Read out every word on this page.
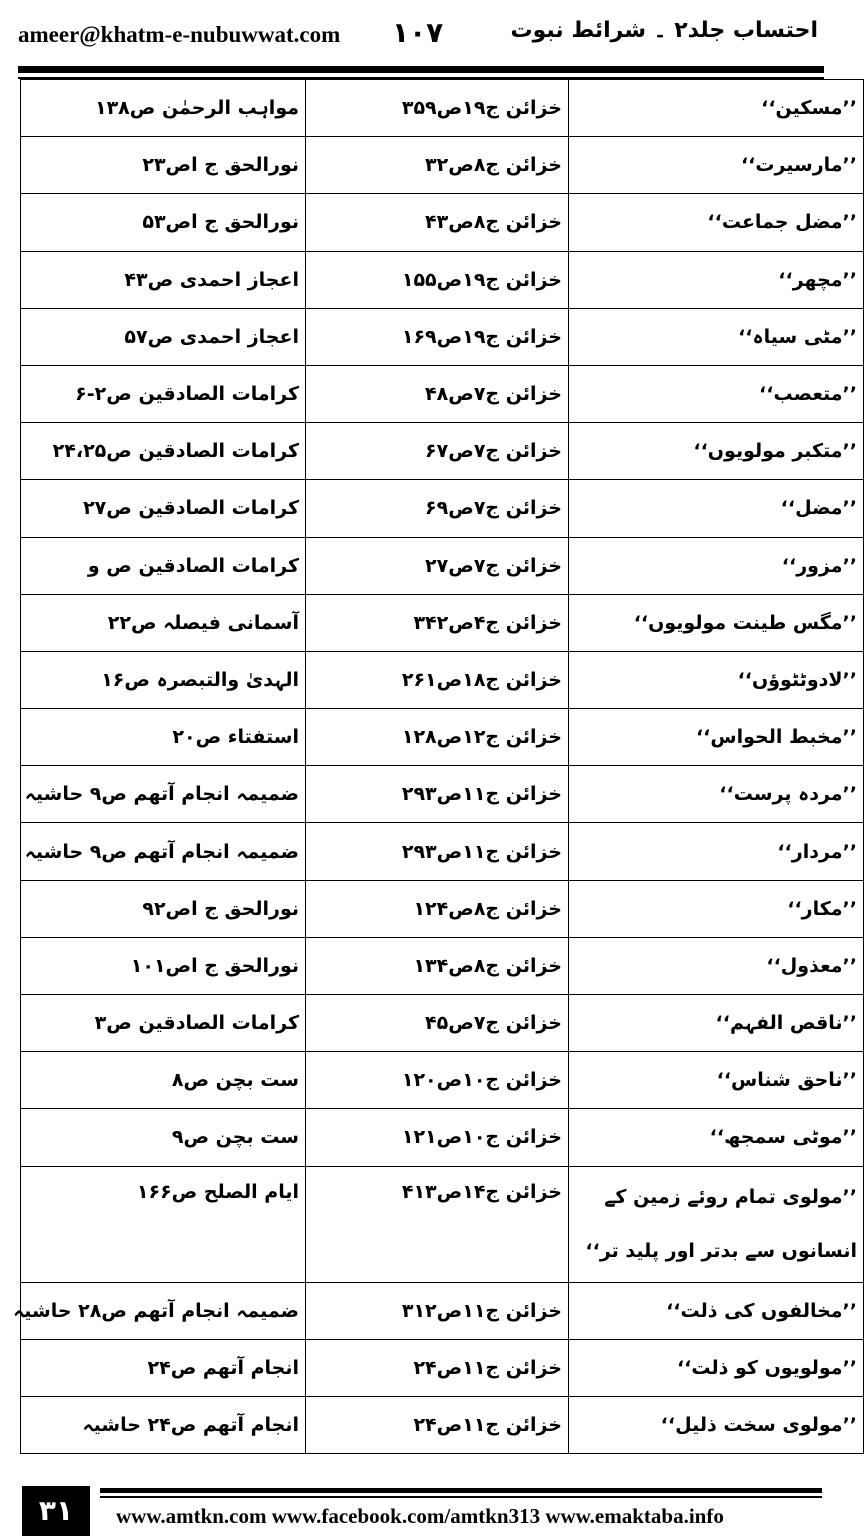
ameer@khatm-e-nubuwwat.com ۱۰۷	احتساب جلد۲ ۔ شرائط نبوت
’’مسکین‘‘	خزائن ج۱۹ص۳۵۹	مواہب الرحمٰن ص۱۳۸
’’مارسیرت‘‘	خزائن ج۸ص۳۲	نورالحق ج اص۲۳
’’مضل جماعت‘‘	خزائن ج۸ص۴۳	نورالحق ج اص۵۳
’’مچھر‘‘	خزائن ج۱۹ص۱۵۵	اعجاز احمدی ص۴۳
’’مٹی سیاہ‘‘	خزائن ج۱۹ص۱۶۹	اعجاز احمدی ص۵۷
’’متعصب‘‘	خزائن ج۷ص۴۸	کرامات الصادقین ص۲-۶
’’متکبر مولویوں‘‘	خزائن ج۷ص۶۷	کرامات الصادقین ص۲۴،۲۵
’’مضل‘‘	خزائن ج۷ص۶۹	کرامات الصادقین ص۲۷
’’مزور‘‘	خزائن ج۷ص۲۷	کرامات الصادقین ص و
’’مگس طینت مولویوں‘‘	خزائن ج۴ص۳۴۲	آسمانی فیصلہ ص۲۲
’’لادوٹٹوؤں‘‘	خزائن ج۱۸ص۲۶۱	الہدیٰ والتبصرہ ص۱۶
’’مخبط الحواس‘‘	خزائن ج۱۲ص۱۲۸	استفتاء ص۲۰
’’مردہ پرست‘‘	خزائن ج۱۱ص۲۹۳	ضمیمہ انجام آتھم ص۹ حاشیہ
’’مردار‘‘	خزائن ج۱۱ص۲۹۳	ضمیمہ انجام آتھم ص۹ حاشیہ
’’مکار‘‘	خزائن ج۸ص۱۲۴	نورالحق ج اص۹۲
’’معذول‘‘	خزائن ج۸ص۱۳۴	نورالحق ج اص۱۰۱
’’ناقص الفہم‘‘	خزائن ج۷ص۴۵	کرامات الصادقین ص۳
’’ناحق شناس‘‘	خزائن ج۱۰ص۱۲۰	ست بچن ص۸
’’موٹی سمجھ‘‘	خزائن ج۱۰ص۱۲۱	ست بچن ص۹
’’مولوی تمام روئے زمین کے انسانوں سے بدتر اور پلید تر‘‘	خزائن ج۱۴ص۴۱۳	ایام الصلح ص۱۶۶
’’مخالفوں کی ذلت‘‘	خزائن ج۱۱ص۳۱۲	ضمیمہ انجام آتھم ص۲۸ حاشیہ
’’مولویوں کو ذلت‘‘	خزائن ج۱۱ص۲۴	انجام آتھم ص۲۴
’’مولوی سخت ذلیل‘‘	خزائن ج۱۱ص۲۴	انجام آتھم ص۲۴ حاشیہ
۳۱	www.amtkn.com www.facebook.com/amtkn313 www.emaktaba.info
